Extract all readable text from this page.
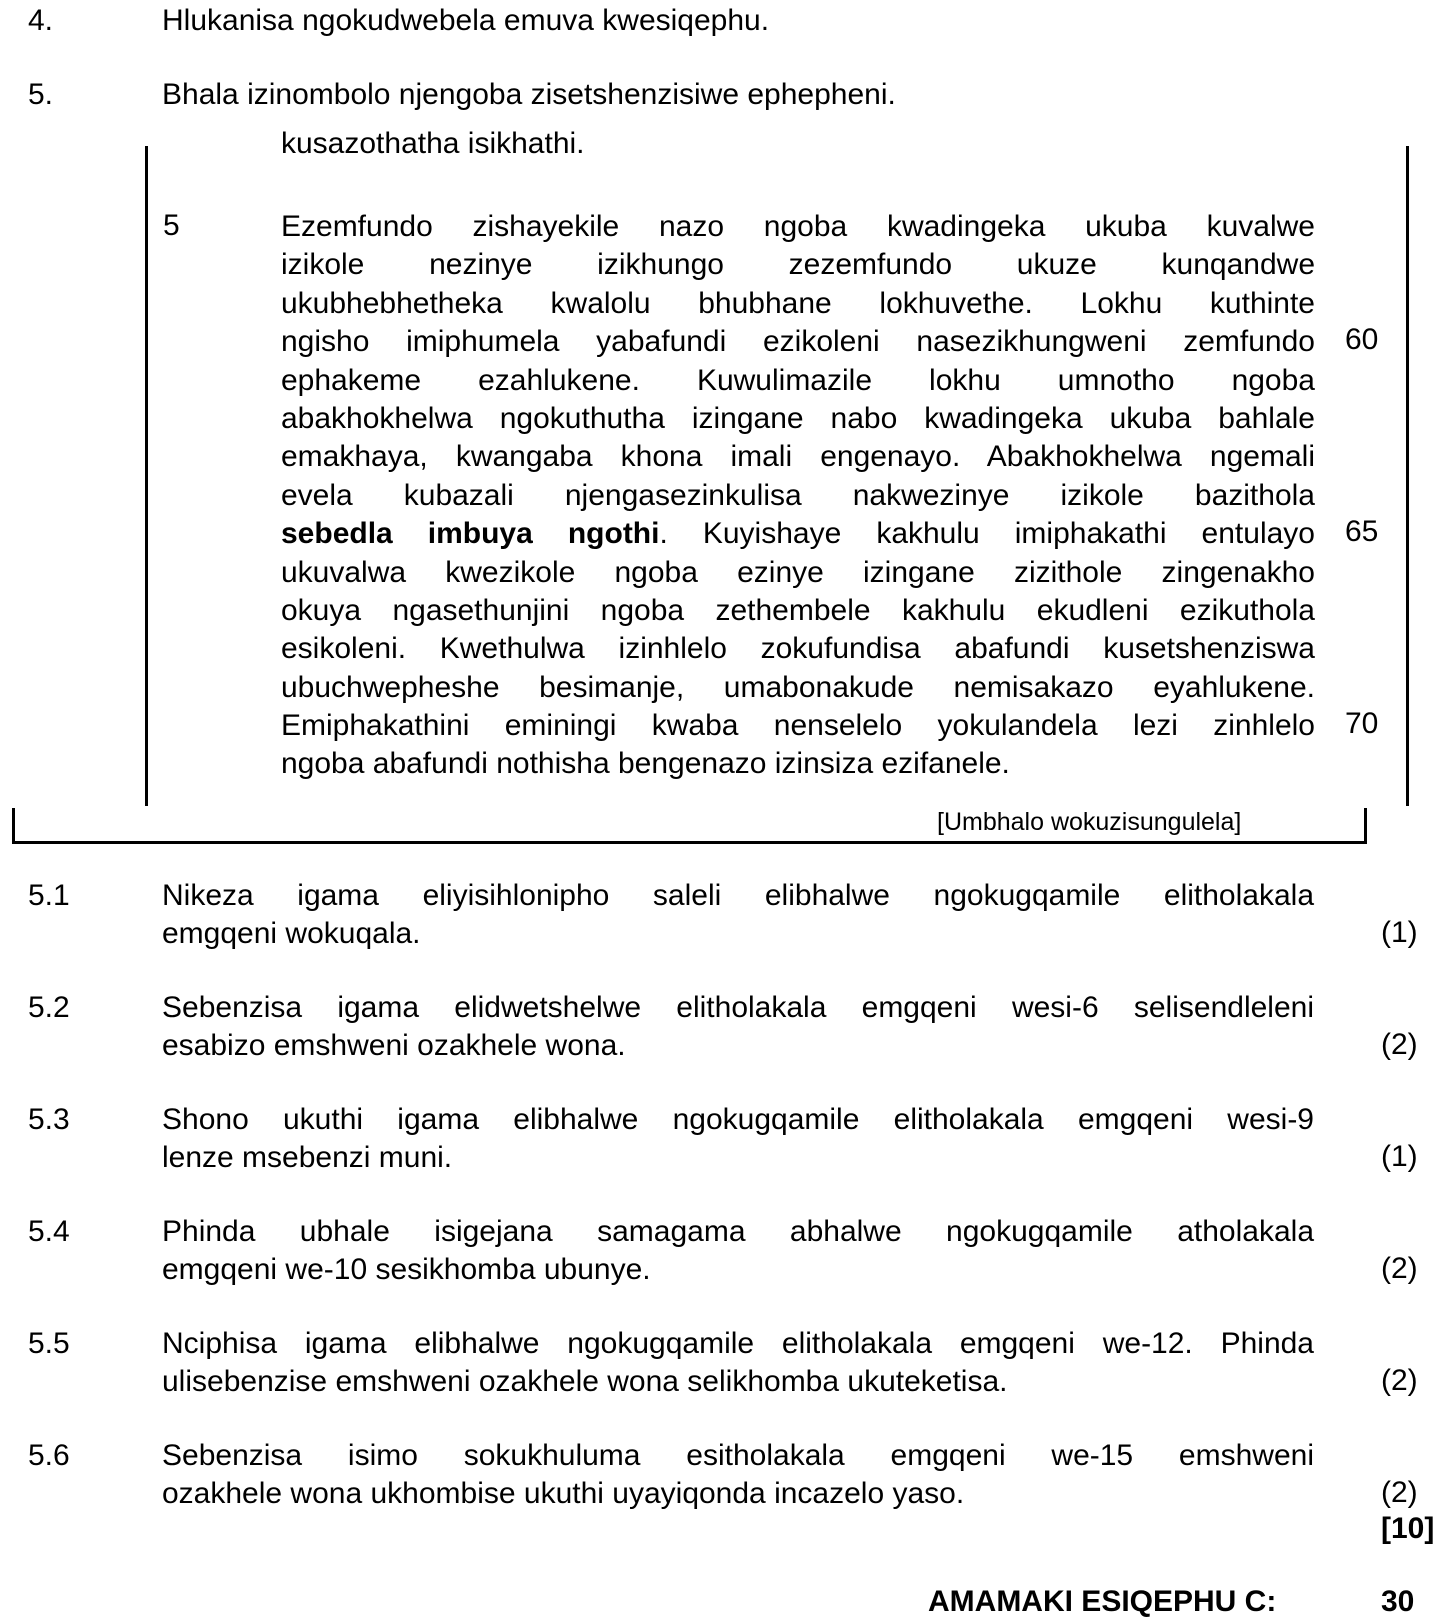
4.	Hlukanisa ngokudwebela emuva kwesiqephu.
5.	Bhala izinombolo njengoba zisetshenzisiwe ephepheni.
kusazothatha isikhathi.
5	Ezemfundo zishayekile nazo ngoba kwadingeka ukuba kuvalwe
izikole nezinye izikhungo zezemfundo ukuze kunqandwe
ukubhebhetheka kwalolu bhubhane lokhuvethe. Lokhu kuthinte
ngisho imiphumela yabafundi ezikoleni nasezikhungweni zemfundo
ephakeme ezahlukene. Kuwulimazile lokhu umnotho ngoba
abakhokhelwa ngokuthutha izingane nabo kwadingeka ukuba bahlale
emakhaya, kwangaba khona imali engenayo. Abakhokhelwa ngemali
evela kubazali njengasezinkulisa nakwezinye izikole bazithola
sebedla imbuya ngothi. Kuyishaye kakhulu imiphakathi entulayo
ukuvalwa kwezikole ngoba ezinye izingane zizithole zingenakho
okuya ngasethunjini ngoba zethembele kakhulu ekudleni ezikuthola
esikoleni. Kwethulwa izinhlelo zokufundisa abafundi kusetshenziswa
ubuchwepheshe besimanje, umabonakude nemisakazo eyahlukene.
Emiphakathini eminingi kwaba nenselelo yokulandela lezi zinhlelo
ngoba abafundi nothisha bengenazo izinsiza ezifanele.
60
65
70
[Umbhalo wokuzisungulela]
5.1	Nikeza igama eliyisihlonipho saleli elibhalwe ngokugqamile elitholakala
emgqeni wokuqala.	(1)
5.2	Sebenzisa igama elidwetshelwe elitholakala emgqeni wesi-6 selisendleleni
esabizo emshweni ozakhele wona.	(2)
5.3	Shono ukuthi igama elibhalwe ngokugqamile elitholakala emgqeni wesi-9
lenze msebenzi muni.	(1)
5.4	Phinda ubhale isigejana samagama abhalwe ngokugqamile atholakala
emgqeni we-10 sesikhomba ubunye.	(2)
5.5	Nciphisa igama elibhalwe ngokugqamile elitholakala emgqeni we-12. Phinda
ulisebenzise emshweni ozakhele wona selikhomba ukuteketisa.	(2)
5.6	Sebenzisa isimo sokukhuluma esitholakala emgqeni we-15 emshweni
ozakhele wona ukhombise ukuthi uyayiqonda incazelo yaso.	(2)
[10]
AMAMAKI ESIQEPHU C:	30
